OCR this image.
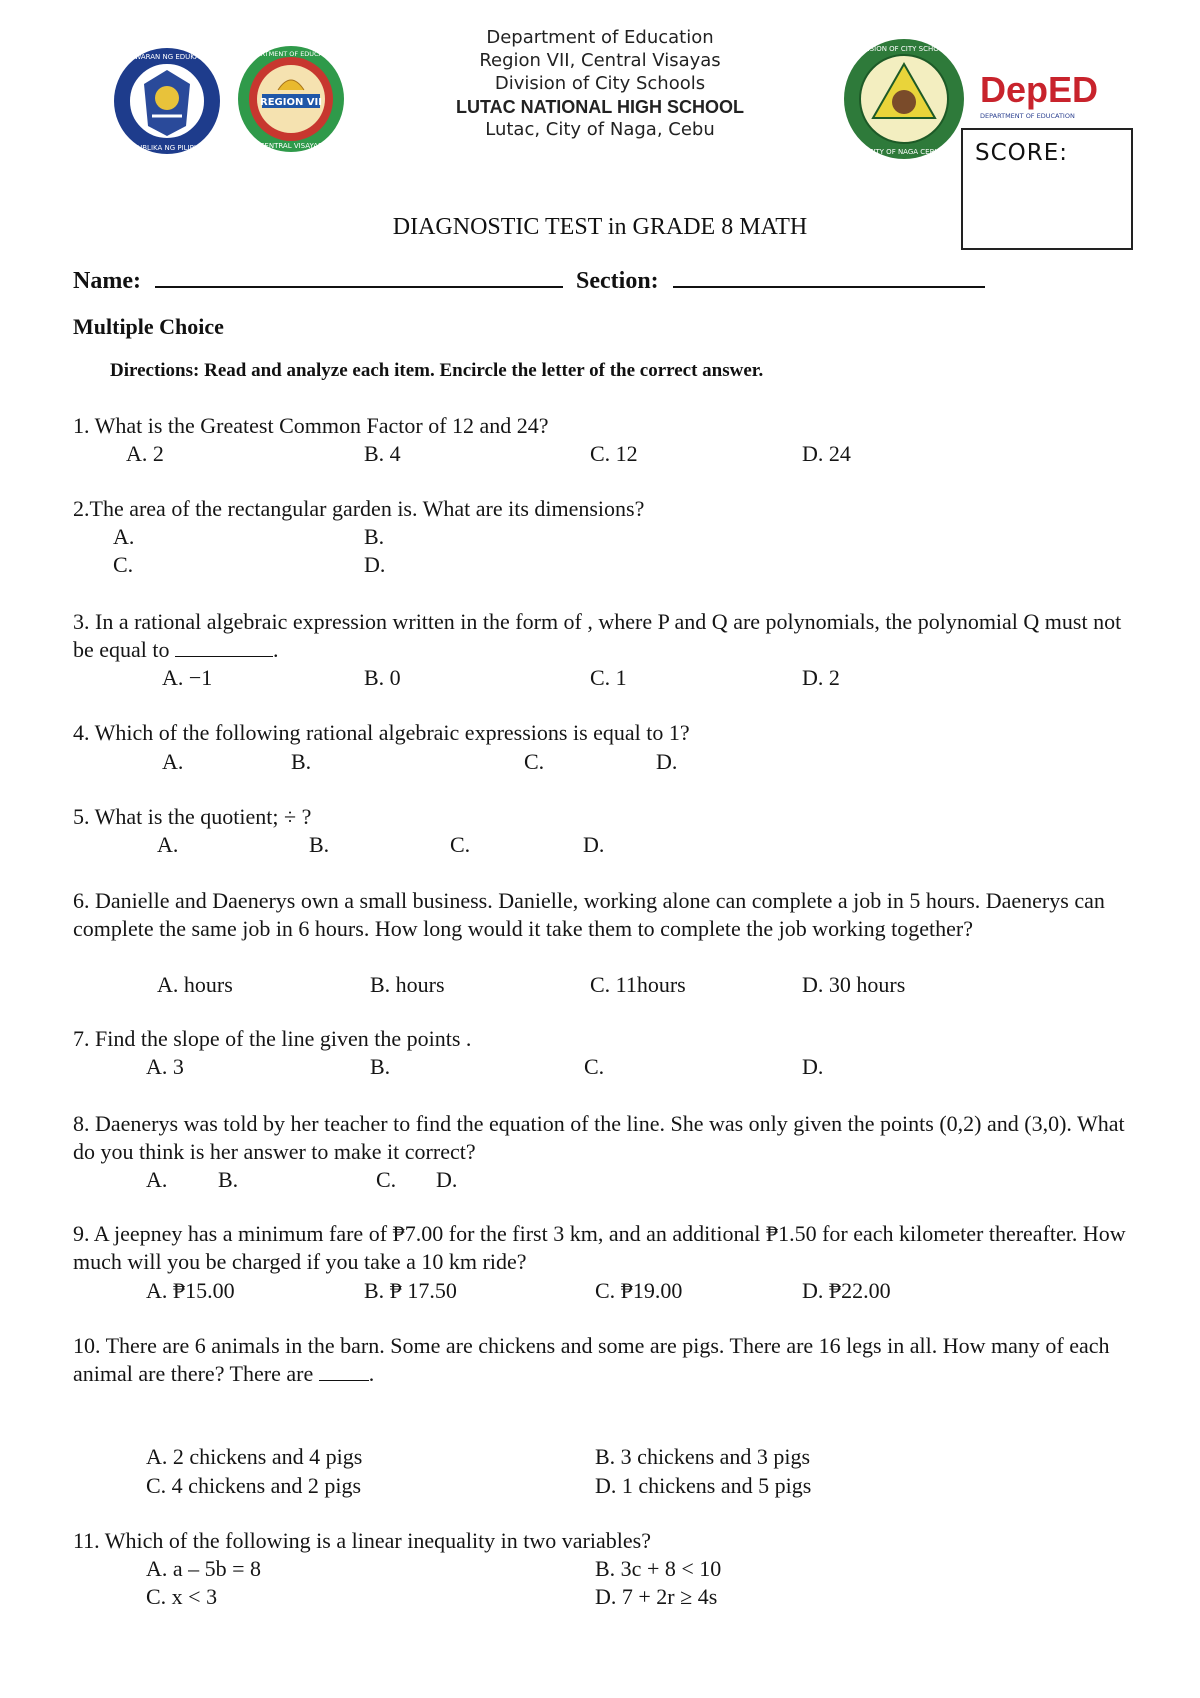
KAGAWARAN NG EDUKASYON
REPUBLIKA NG PILIPINAS
REGION VII
DEPARTMENT OF EDUCATION
CENTRAL VISAYAS
DIVISION OF CITY SCHOOLS
CITY OF NAGA CEBU
DepED
DEPARTMENT OF EDUCATION
Department of Education
Region VII, Central Visayas
Division of City Schools
LUTAC NATIONAL HIGH SCHOOL
Lutac, City of Naga, Cebu
SCORE:
DIAGNOSTIC TEST in GRADE 8 MATH
Name:	Section:
Multiple Choice
Directions: Read and analyze each item. Encircle the letter of the correct answer.
1. What is the Greatest Common Factor of 12 and 24?
A. 2	B. 4	C. 12	D. 24
2.The area of the rectangular garden is. What are its dimensions?
A.	B.
C.	D.
3. In a rational algebraic expression written in the form of , where P and Q are polynomials, the polynomial Q must not be equal to	.
A. −1	B. 0	C. 1	D. 2
4. Which of the following rational algebraic expressions is equal to 1?
A.	B.	C.	D.
5. What is the quotient; ÷ ?
A.	B.	C.	D.
6. Danielle and Daenerys own a small business. Danielle, working alone can complete a job in 5 hours. Daenerys can complete the same job in 6 hours. How long would it take them to complete the job working together?
A. hours	B. hours	C. 11hours	D. 30 hours
7. Find the slope of the line given the points .
A. 3	B.	C.	D.
8. Daenerys was told by her teacher to find the equation of the line. She was only given the points (0,2) and (3,0). What do you think is her answer to make it correct?
A. B.	C. D.
9. A jeepney has a minimum fare of ₱7.00 for the first 3 km, and an additional ₱1.50 for each kilometer thereafter. How much will you be charged if you take a 10 km ride?
A. ₱15.00	B. ₱ 17.50	C. ₱19.00	D. ₱22.00
10. There are 6 animals in the barn. Some are chickens and some are pigs. There are 16 legs in all. How many of each animal are there? There are	.
A. 2 chickens and 4 pigs	B. 3 chickens and 3 pigs
C. 4 chickens and 2 pigs	D. 1 chickens and 5 pigs
11. Which of the following is a linear inequality in two variables?
A. a – 5b = 8	B. 3c + 8 < 10
C. x < 3	D. 7 + 2r ≥ 4s
